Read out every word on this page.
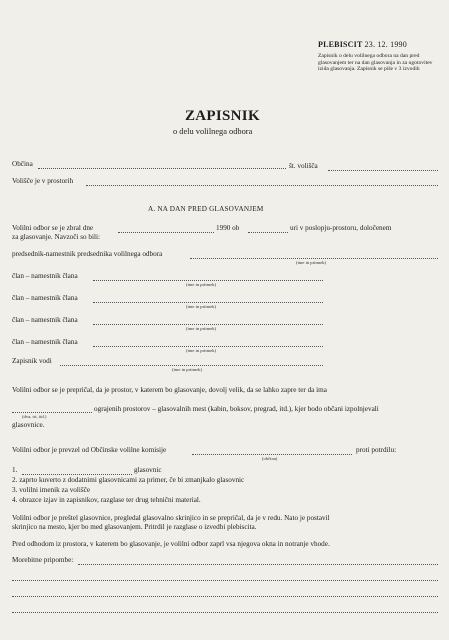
PLEBISCIT 23. 12. 1990
Zapisnik o delu volilnega odbora na dan pred glasovanjem ter na dan glasovanja in za ugotovitev izida glasovanja. Zapisnik se piše v 3 izvodih
ZAPISNIK
o delu volilnega odbora
Občina	št. volišča
Volišče je v prostorih
A. NA DAN PRED GLASOVANJEM
Volilni odbor se je zbral dne	1990 ob	uri v poslopju-prostoru, določenem
za glasovanje. Navzoči so bili:
predsednik-namestnik predsednika volilnega odbora
(ime in priimek)
član – namestnik člana
(ime in priimek)
član – namestnik člana
(ime in priimek)
član – namestnik člana
(ime in priimek)
član – namestnik člana
(ime in priimek)
Zapisnik vodi
(ime in priimek)
Volilni odbor se je prepričal, da je prostor, v katerem bo glasovanje, dovolj velik, da se lahko zapre ter da ima
(dva, tri, itd.)
ograjenih prostorov – glasovalnih mest (kabin, boksov, pregrad, itd.), kjer bodo občani izpolnjevali
glasovnice.
Volilni odbor je prevzel od Občinske volilne komisije
(občina)
proti potrdilu:
1.	glasovnic
2. zaprto kuverto z dodatnimi glasovnicami za primer, če bi zmanjkalo glasovnic
3. volilni imenik za volišče
4. obrazce izjav in zapisnikov, razglase ter drug tehnični material.
Volilni odbor je preštel glasovnice, pregledal glasovalno skrinjico in se prepričal, da je v redu. Nato je postavil
skrinjico na mesto, kjer bo med glasovanjem. Pritrdil je razglase o izvedbi plebiscita.
Pred odhodom iz prostora, v katerem bo glasovanje, je volilni odbor zaprl vsa njegova okna in notranje vhode.
Morebitne pripombe:
